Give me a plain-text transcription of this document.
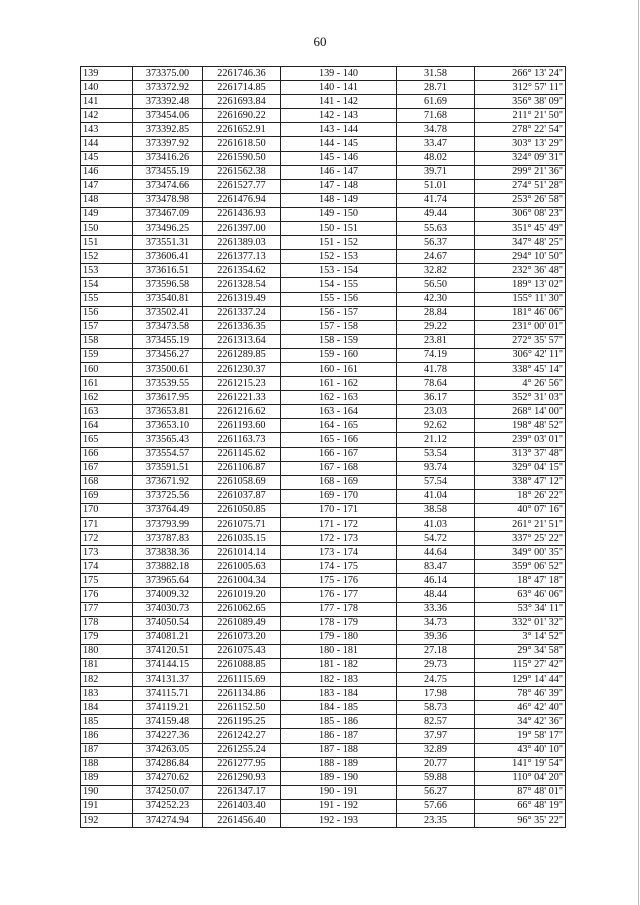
60
139	373375.00	2261746.36	139 - 140	31.58	266° 13' 24"
140	373372.92	2261714.85	140 - 141	28.71	312° 57' 11"
141	373392.48	2261693.84	141 - 142	61.69	356° 38' 09"
142	373454.06	2261690.22	142 - 143	71.68	211° 21' 50"
143	373392.85	2261652.91	143 - 144	34.78	278° 22' 54"
144	373397.92	2261618.50	144 - 145	33.47	303° 13' 29"
145	373416.26	2261590.50	145 - 146	48.02	324° 09' 31"
146	373455.19	2261562.38	146 - 147	39.71	299° 21' 36"
147	373474.66	2261527.77	147 - 148	51.01	274° 51' 28"
148	373478.98	2261476.94	148 - 149	41.74	253° 26' 58"
149	373467.09	2261436.93	149 - 150	49.44	306° 08' 23"
150	373496.25	2261397.00	150 - 151	55.63	351° 45' 49"
151	373551.31	2261389.03	151 - 152	56.37	347° 48' 25"
152	373606.41	2261377.13	152 - 153	24.67	294° 10' 50"
153	373616.51	2261354.62	153 - 154	32.82	232° 36' 48"
154	373596.58	2261328.54	154 - 155	56.50	189° 13' 02"
155	373540.81	2261319.49	155 - 156	42.30	155° 11' 30"
156	373502.41	2261337.24	156 - 157	28.84	181° 46' 06"
157	373473.58	2261336.35	157 - 158	29.22	231° 00' 01"
158	373455.19	2261313.64	158 - 159	23.81	272° 35' 57"
159	373456.27	2261289.85	159 - 160	74.19	306° 42' 11"
160	373500.61	2261230.37	160 - 161	41.78	338° 45' 14"
161	373539.55	2261215.23	161 - 162	78.64	4° 26' 56"
162	373617.95	2261221.33	162 - 163	36.17	352° 31' 03"
163	373653.81	2261216.62	163 - 164	23.03	268° 14' 00"
164	373653.10	2261193.60	164 - 165	92.62	198° 48' 52"
165	373565.43	2261163.73	165 - 166	21.12	239° 03' 01"
166	373554.57	2261145.62	166 - 167	53.54	313° 37' 48"
167	373591.51	2261106.87	167 - 168	93.74	329° 04' 15"
168	373671.92	2261058.69	168 - 169	57.54	338° 47' 12"
169	373725.56	2261037.87	169 - 170	41.04	18° 26' 22"
170	373764.49	2261050.85	170 - 171	38.58	40° 07' 16"
171	373793.99	2261075.71	171 - 172	41.03	261° 21' 51"
172	373787.83	2261035.15	172 - 173	54.72	337° 25' 22"
173	373838.36	2261014.14	173 - 174	44.64	349° 00' 35"
174	373882.18	2261005.63	174 - 175	83.47	359° 06' 52"
175	373965.64	2261004.34	175 - 176	46.14	18° 47' 18"
176	374009.32	2261019.20	176 - 177	48.44	63° 46' 06"
177	374030.73	2261062.65	177 - 178	33.36	53° 34' 11"
178	374050.54	2261089.49	178 - 179	34.73	332° 01' 32"
179	374081.21	2261073.20	179 - 180	39.36	3° 14' 52"
180	374120.51	2261075.43	180 - 181	27.18	29° 34' 58"
181	374144.15	2261088.85	181 - 182	29.73	115° 27' 42"
182	374131.37	2261115.69	182 - 183	24.75	129° 14' 44"
183	374115.71	2261134.86	183 - 184	17.98	78° 46' 39"
184	374119.21	2261152.50	184 - 185	58.73	46° 42' 40"
185	374159.48	2261195.25	185 - 186	82.57	34° 42' 36"
186	374227.36	2261242.27	186 - 187	37.97	19° 58' 17"
187	374263.05	2261255.24	187 - 188	32.89	43° 40' 10"
188	374286.84	2261277.95	188 - 189	20.77	141° 19' 54"
189	374270.62	2261290.93	189 - 190	59.88	110° 04' 20"
190	374250.07	2261347.17	190 - 191	56.27	87° 48' 01"
191	374252.23	2261403.40	191 - 192	57.66	66° 48' 19"
192	374274.94	2261456.40	192 - 193	23.35	96° 35' 22"
